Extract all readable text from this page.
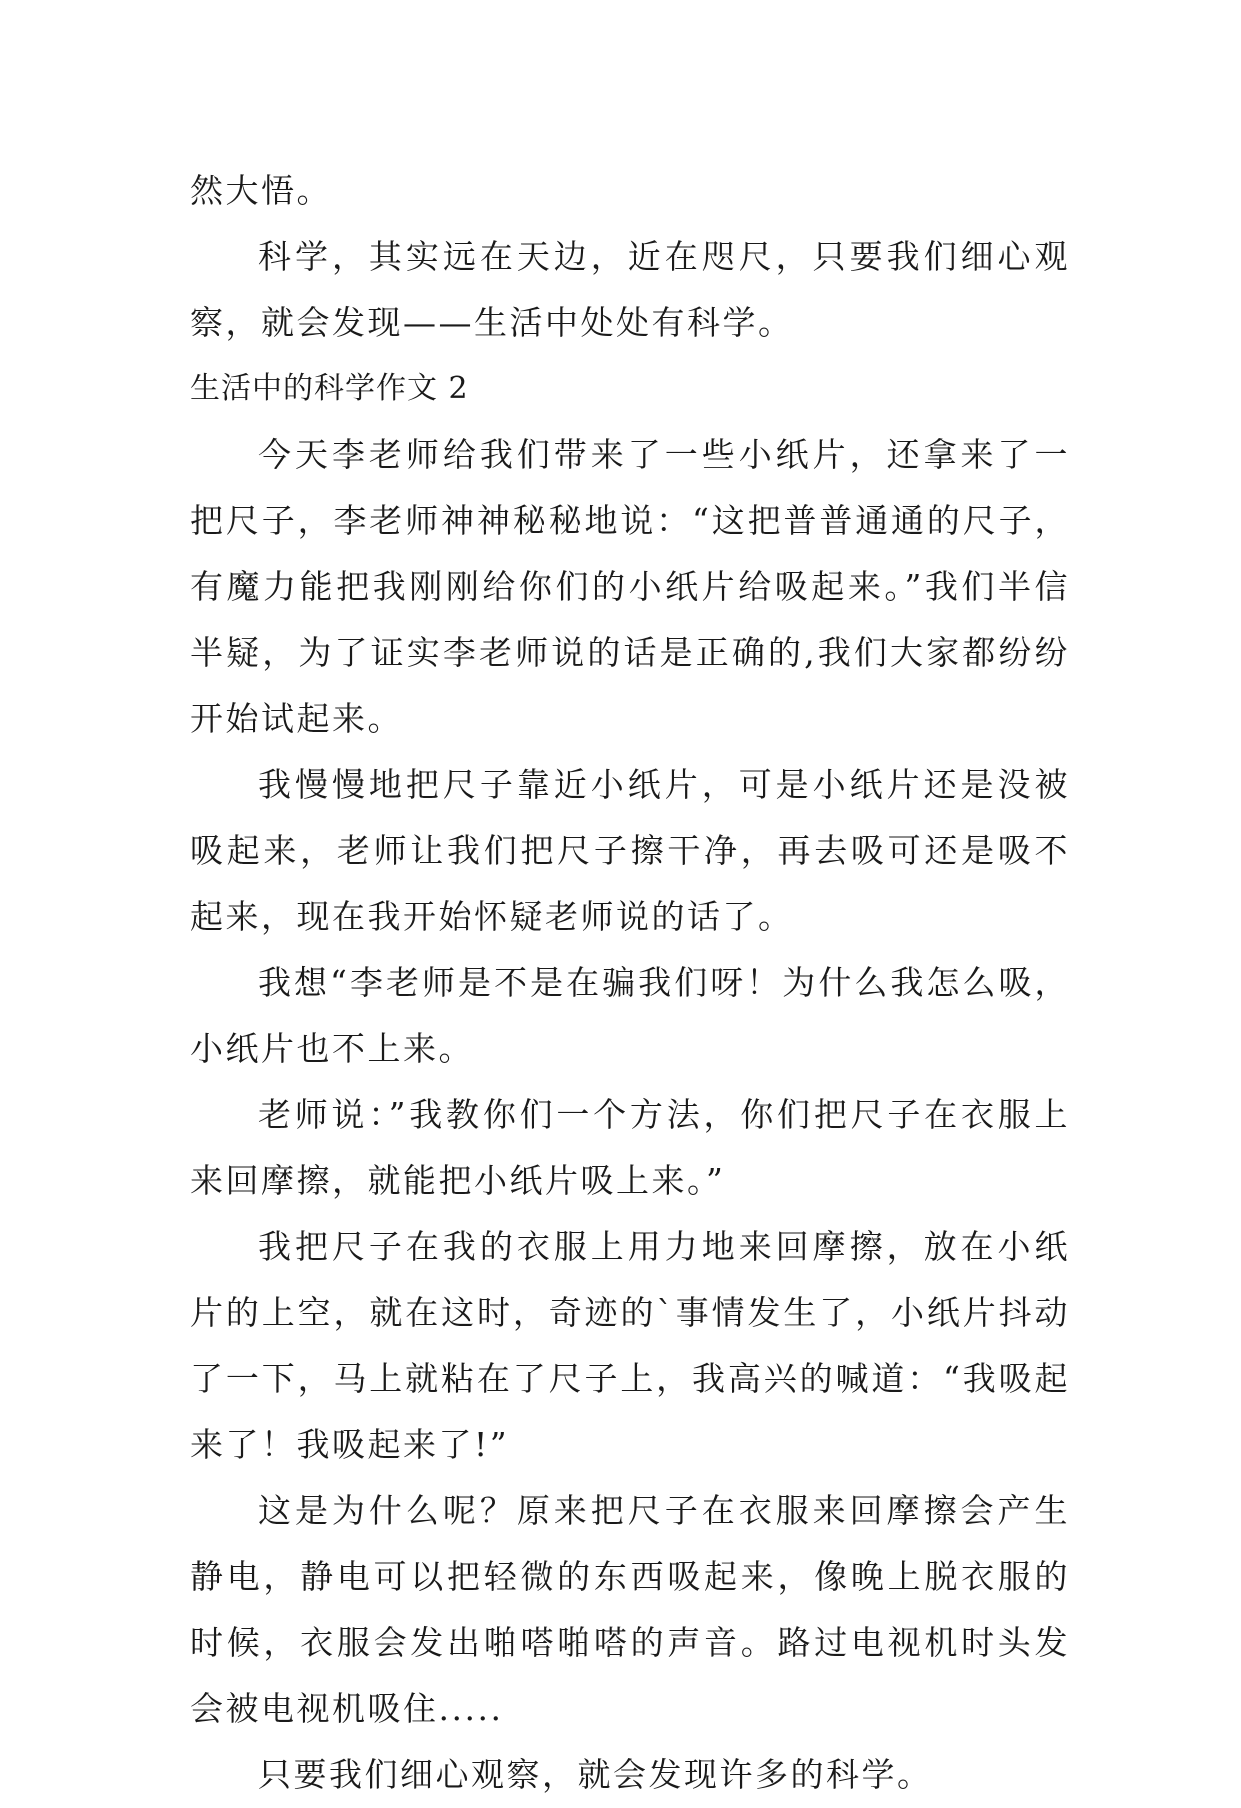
然大悟。

科学，其实远在天边，近在咫尺，只要我们细心观察，就会发现——生活中处处有科学。

生活中的科学作文 2

今天李老师给我们带来了一些小纸片，还拿来了一把尺子，李老师神神秘秘地说：“这把普普通通的尺子，有魔力能把我刚刚给你们的小纸片给吸起来。”我们半信半疑，为了证实李老师说的话是正确的,我们大家都纷纷开始试起来。

我慢慢地把尺子靠近小纸片，可是小纸片还是没被吸起来，老师让我们把尺子擦干净，再去吸可还是吸不起来，现在我开始怀疑老师说的话了。

我想“李老师是不是在骗我们呀！为什么我怎么吸，小纸片也不上来。

老师说：”我教你们一个方法，你们把尺子在衣服上来回摩擦，就能把小纸片吸上来。”

我把尺子在我的衣服上用力地来回摩擦，放在小纸片的上空，就在这时，奇迹的`事情发生了，小纸片抖动了一下，马上就粘在了尺子上，我高兴的喊道：“我吸起来了！我吸起来了!”

这是为什么呢？原来把尺子在衣服来回摩擦会产生静电，静电可以把轻微的东西吸起来，像晚上脱衣服的时候，衣服会发出啪嗒啪嗒的声音。路过电视机时头发会被电视机吸住.....

只要我们细心观察，就会发现许多的科学。
